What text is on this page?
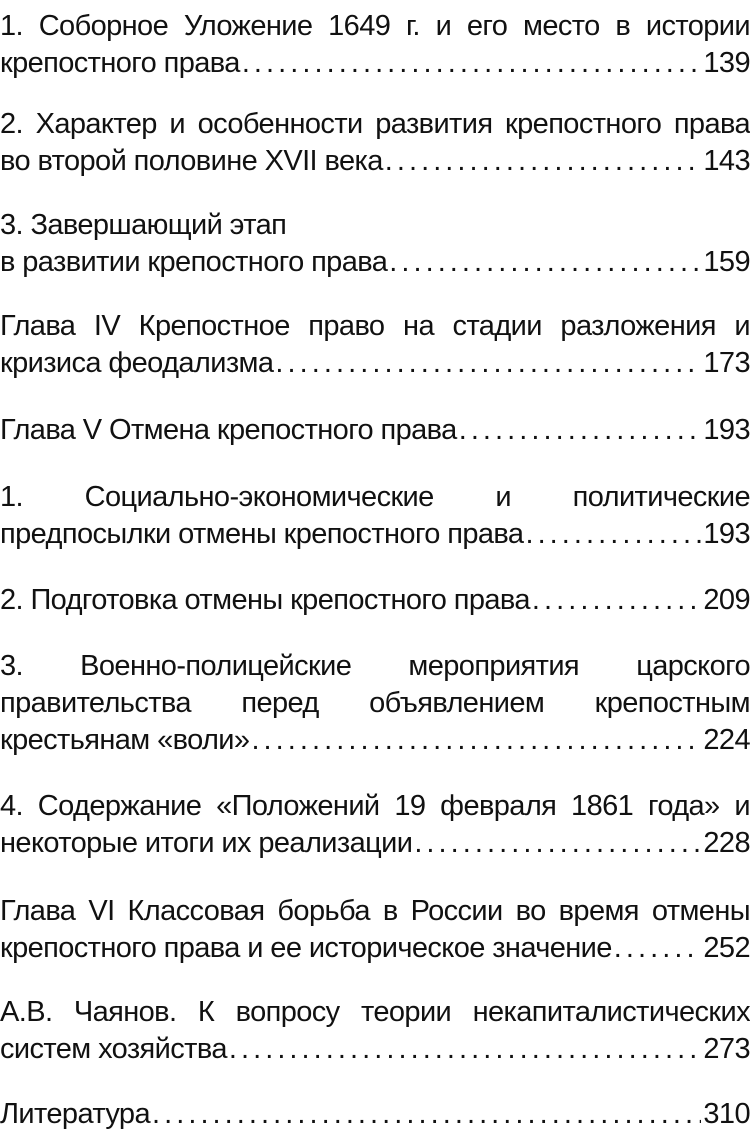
1. Соборное Уложение 1649 г. и его место в истории
крепостного права . . .	139
2. Характер и особенности развития крепостного права
во второй половине XVII века . . .	143
3. Завершающий этап
в развитии крепостного права . . .	159
Глава IV Крепостное право на стадии разложения и
кризиса феодализма . . .	173
Глава V Отмена крепостного права . . .	193
1. Социально-экономические и политические
предпосылки отмены крепостного права . . .	193
2. Подготовка отмены крепостного права . . .	209
3. Военно-полицейские мероприятия царского
правительства перед объявлением крепостным
крестьянам «воли» . . .	224
4. Содержание «Положений 19 февраля 1861 года» и
некоторые итоги их реализации . . .	228
Глава VI Классовая борьба в России во время отмены
крепостного права и ее историческое значение . . .	252
А.В. Чаянов. К вопросу теории некапиталистических
систем хозяйства . . .	273
Литература . . .	310
